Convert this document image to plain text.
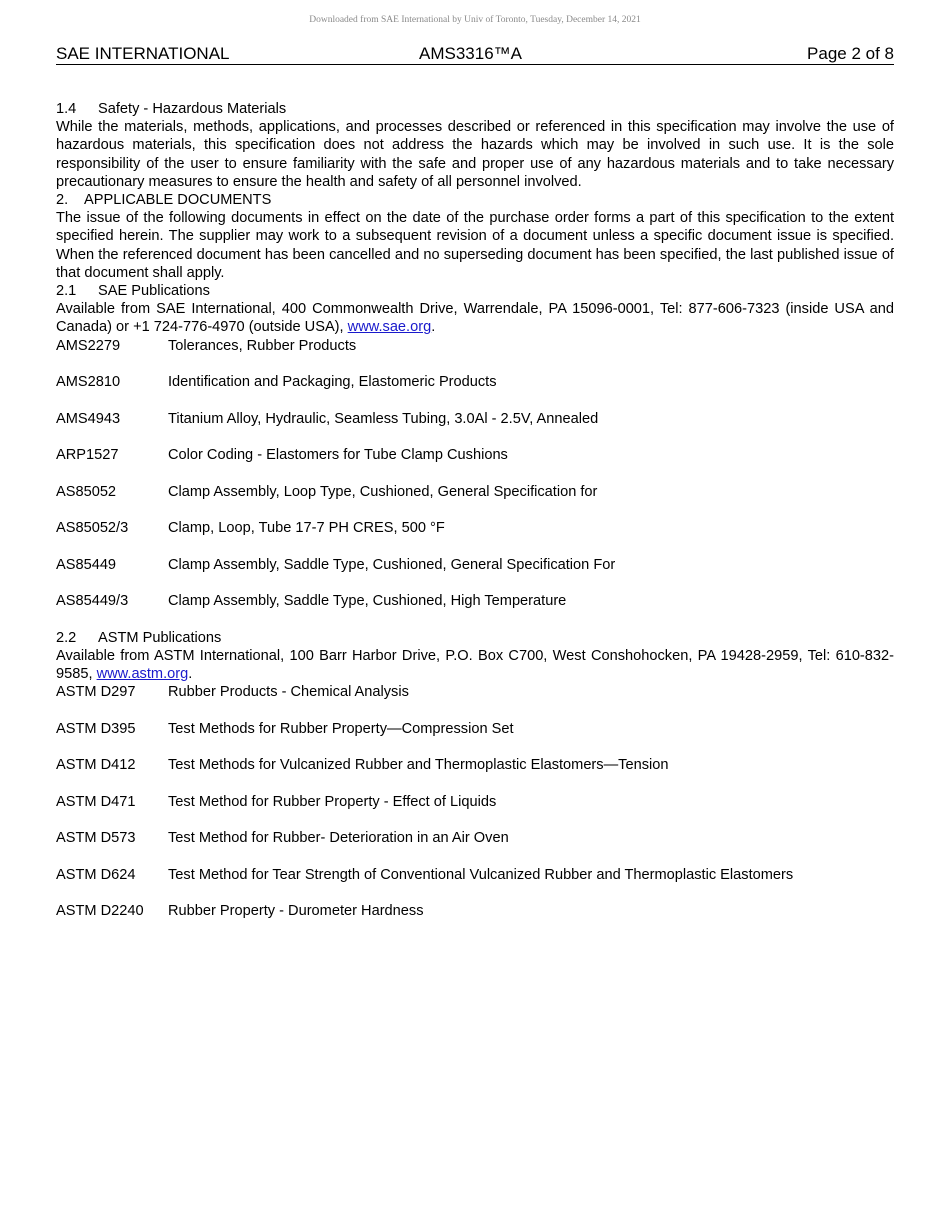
Downloaded from SAE International by Univ of Toronto, Tuesday, December 14, 2021
SAE INTERNATIONAL	AMS3316™A	Page 2 of 8

1.4 Safety - Hazardous Materials

While the materials, methods, applications, and processes described or referenced in this specification may involve the use of hazardous materials, this specification does not address the hazards which may be involved in such use. It is the sole responsibility of the user to ensure familiarity with the safe and proper use of any hazardous materials and to take necessary precautionary measures to ensure the health and safety of all personnel involved.

2. APPLICABLE DOCUMENTS

The issue of the following documents in effect on the date of the purchase order forms a part of this specification to the extent specified herein. The supplier may work to a subsequent revision of a document unless a specific document issue is specified. When the referenced document has been cancelled and no superseding document has been specified, the last published issue of that document shall apply.

2.1 SAE Publications

Available from SAE International, 400 Commonwealth Drive, Warrendale, PA 15096-0001, Tel: 877-606-7323 (inside USA and Canada) or +1 724-776-4970 (outside USA), www.sae.org.

AMS2279	Tolerances, Rubber Products
AMS2810	Identification and Packaging, Elastomeric Products
AMS4943	Titanium Alloy, Hydraulic, Seamless Tubing, 3.0Al - 2.5V, Annealed
ARP1527	Color Coding - Elastomers for Tube Clamp Cushions
AS85052	Clamp Assembly, Loop Type, Cushioned, General Specification for
AS85052/3	Clamp, Loop, Tube 17-7 PH CRES, 500 °F
AS85449	Clamp Assembly, Saddle Type, Cushioned, General Specification For
AS85449/3	Clamp Assembly, Saddle Type, Cushioned, High Temperature

2.2 ASTM Publications

Available from ASTM International, 100 Barr Harbor Drive, P.O. Box C700, West Conshohocken, PA 19428-2959, Tel: 610-832-9585, www.astm.org.

ASTM D297	Rubber Products - Chemical Analysis
ASTM D395	Test Methods for Rubber Property—Compression Set
ASTM D412	Test Methods for Vulcanized Rubber and Thermoplastic Elastomers—Tension
ASTM D471	Test Method for Rubber Property - Effect of Liquids
ASTM D573	Test Method for Rubber- Deterioration in an Air Oven
ASTM D624	Test Method for Tear Strength of Conventional Vulcanized Rubber and Thermoplastic Elastomers
ASTM D2240	Rubber Property - Durometer Hardness
